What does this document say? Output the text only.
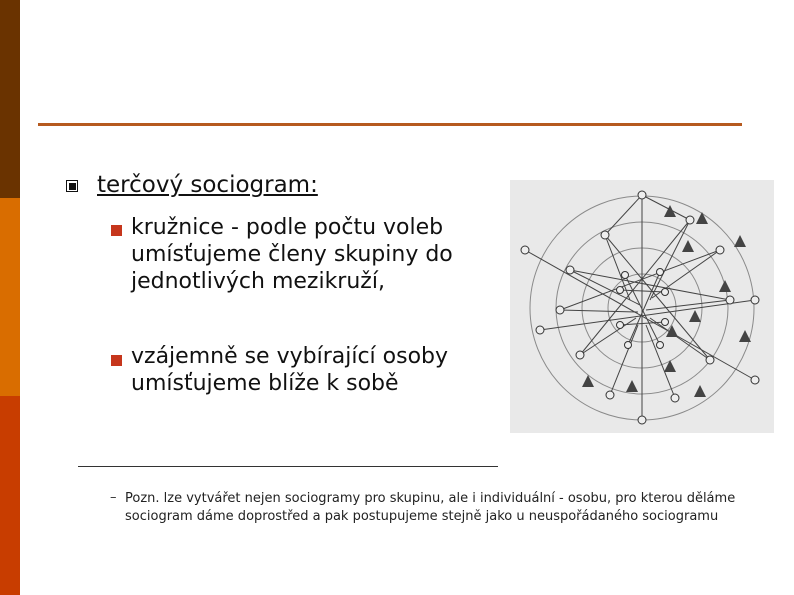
terčový sociogram:
kružnice - podle počtu voleb umísťujeme členy skupiny do jednotlivých mezikruží,
vzájemně se vybírající osoby umísťujeme blíže k sobě
– Pozn. lze vytvářet nejen sociogramy pro skupinu, ale i individuální - osobu, pro kterou děláme sociogram dáme doprostřed a pak postupujeme stejně jako u neuspořádaného sociogramu
